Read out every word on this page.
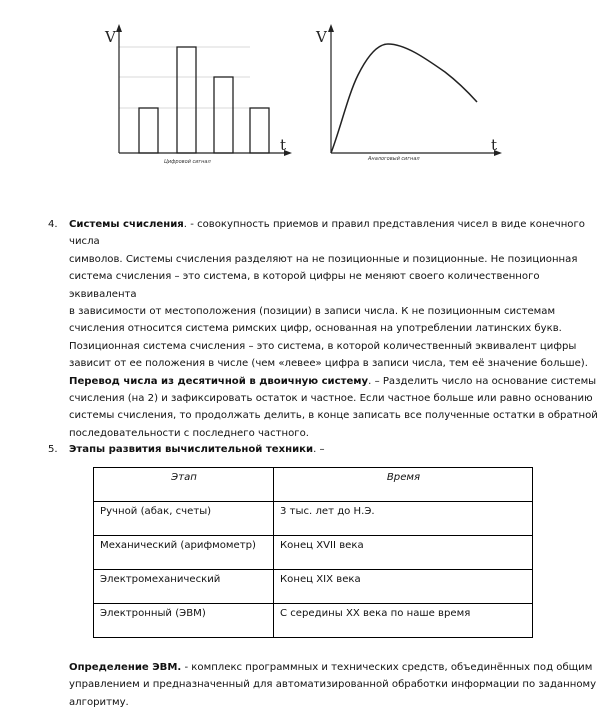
V
t
Цифровой сигнал
V
t
Аналоговый сигнал
4. Системы счисления. - совокупность приемов и правил представления чисел в виде конечного числа
символов. Системы счисления разделяют на не позиционные и позиционные. Не позиционная
система счисления – это система, в которой цифры не меняют своего количественного эквивалента
в зависимости от местоположения (позиции) в записи числа. К не позиционным системам
счисления относится система римских цифр, основанная на употреблении латинских букв.
Позиционная система счисления – это система, в которой количественный эквивалент цифры
зависит от ее положения в числе (чем «левее» цифра в записи числа, тем её значение больше).
Перевод числа из десятичной в двоичную систему. – Разделить число на основание системы
счисления (на 2) и зафиксировать остаток и частное. Если частное больше или равно основанию
системы счисления, то продолжать делить, в конце записать все полученные остатки в обратной
последовательности с последнего частного.
5. Этапы развития вычислительной техники. –
Этап	Время
Ручной (абак, счеты)	3 тыс. лет до Н.Э.
Механический (арифмометр)	Конец XVII века
Электромеханический	Конец XIX века
Электронный (ЭВМ)	С середины XX века по наше время
Определение ЭВМ. - комплекс программных и технических средств, объединённых под общим
управлением и предназначенный для автоматизированной обработки информации по заданному
алгоритму.
